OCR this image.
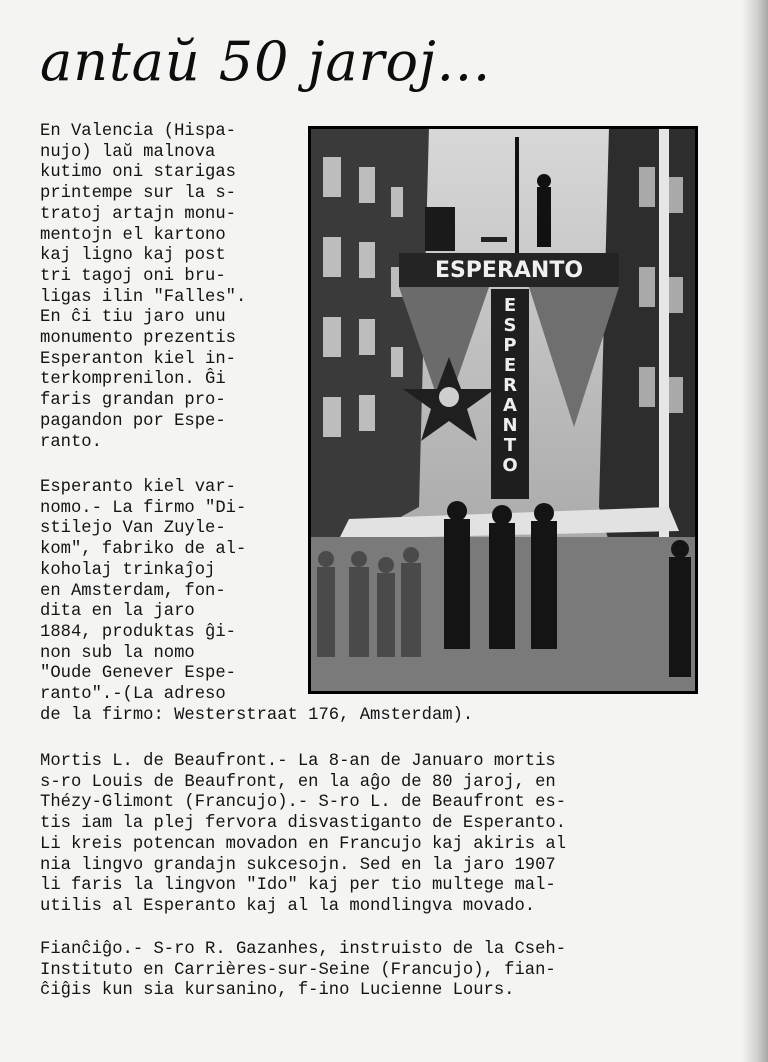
antaŭ 50 jaroj...
En Valencia (Hispa-
nujo) laŭ malnova
kutimo oni starigas
printempe sur la s-
tratoj artajn monu-
mentojn el kartono
kaj ligno kaj post
tri tagoj oni bru-
ligas ilin "Falles".
En ĉi tiu jaro unu
monumento prezentis
Esperanton kiel in-
terkomprenilon. Ĝi
faris grandan pro-
pagandon por Espe-
ranto.
Esperanto kiel var-
nomo.- La firmo "Di-
stilejo Van Zuyle-
kom", fabriko de al-
koholaj trinkaĵoj
en Amsterdam, fon-
dita en la jaro
1884, produktas ĝi-
non sub la nomo
"Oude Genever Espe-
ranto".-(La adreso
de la firmo: Westerstraat 176, Amsterdam).
Mortis L. de Beaufront.- La 8-an de Januaro mortis
s-ro Louis de Beaufront, en la aĝo de 80 jaroj, en
Thézy-Glimont (Francujo).- S-ro L. de Beaufront es-
tis iam la plej fervora disvastiganto de Esperanto.
Li kreis potencan movadon en Francujo kaj akiris al
nia lingvo grandajn sukcesojn. Sed en la jaro 1907
li faris la lingvon "Ido" kaj per tio multege mal-
utilis al Esperanto kaj al la mondlingva movado.
Fianĉiĝo.- S-ro R. Gazanhes, instruisto de la Cseh-
Instituto en Carrières-sur-Seine (Francujo), fian-
ĉiĝis kun sia kursanino, f-ino Lucienne Lours.
ESPERANTO
E
S
P
E
R
A
N
T
O
